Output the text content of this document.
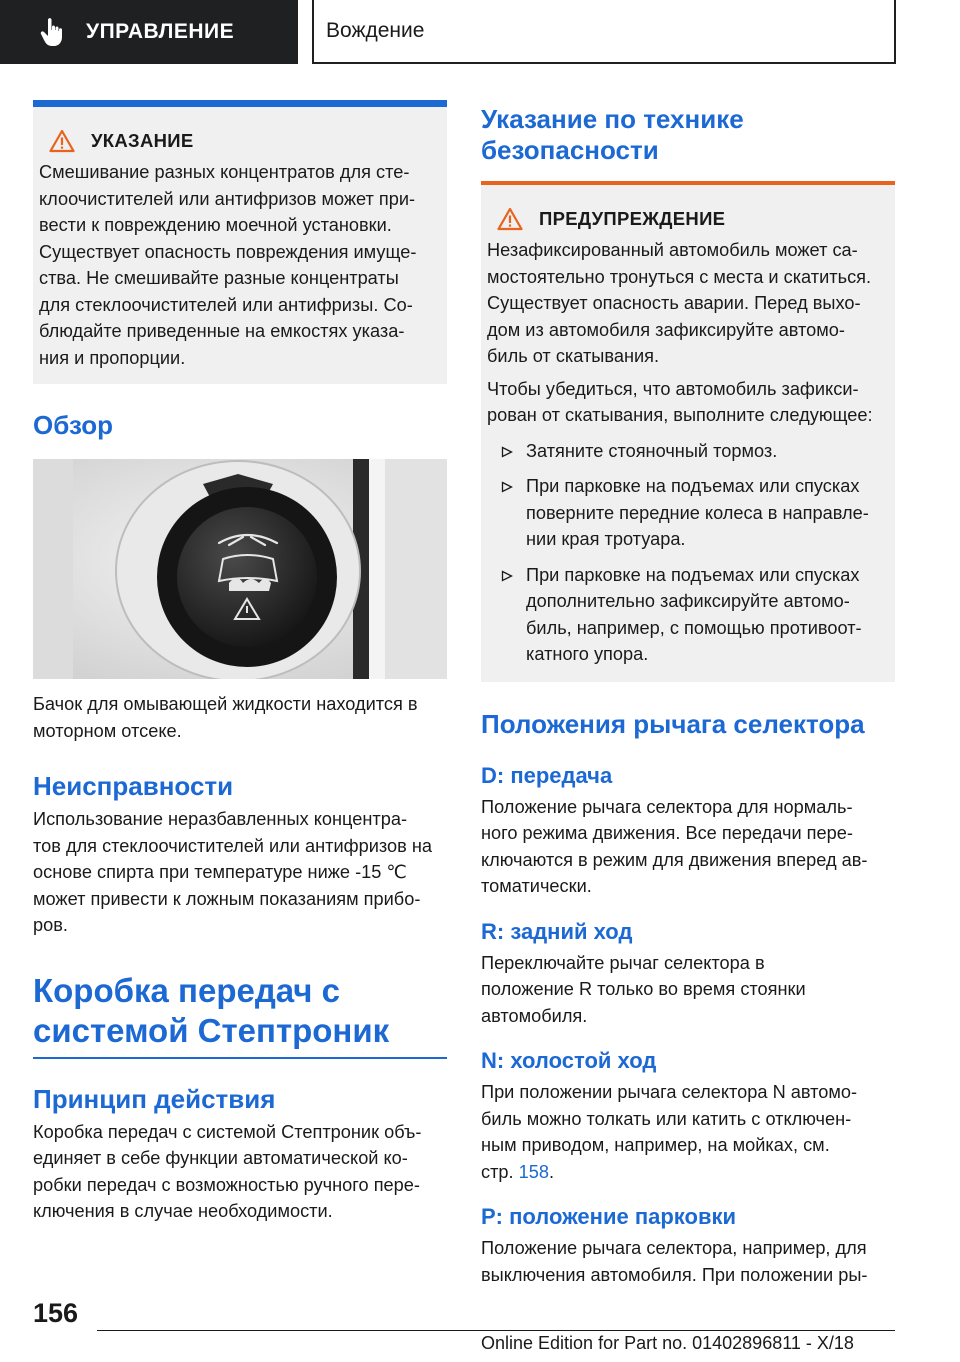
УПРАВЛЕНИЕ	Вождение
УКАЗАНИЕ

Смешивание разных концентратов для сте-
клоочистителей или антифризов может при-
вести к повреждению моечной установки.
Существует опасность повреждения имуще-
ства. Не смешивайте разные концентраты
для стеклоочистителей или антифризы. Со-
блюдайте приведенные на емкостях указа-
ния и пропорции.

Обзор

Бачок для омывающей жидкости находится в
моторном отсеке.

Неисправности

Использование неразбавленных концентра-
тов для стеклоочистителей или антифризов на
основе спирта при температуре ниже -15 ℃
может привести к ложным показаниям прибо-
ров.

Коробка передач с
системой Стептроник
Принцип действия

Коробка передач с системой Стептроник объ-
единяет в себе функции автоматической ко-
робки передач с возможностью ручного пере-
ключения в случае необходимости.

Указание по технике
безопасности
ПРЕДУПРЕЖДЕНИЕ

Незафиксированный автомобиль может са-
мостоятельно тронуться с места и скатиться.
Существует опасность аварии. Перед выхо-
дом из автомобиля зафиксируйте автомо-
биль от скатывания.

Чтобы убедиться, что автомобиль зафикси-
рован от скатывания, выполните следующее:

Затяните стояночный тормоз.
При парковке на подъемах или спусках
поверните передние колеса в направле-
нии края тротуара.
При парковке на подъемах или спусках
дополнительно зафиксируйте автомо-
биль, например, с помощью противоот-
катного упора.
Положения рычага селектора
D: передача

Положение рычага селектора для нормаль-
ного режима движения. Все передачи пере-
ключаются в режим для движения вперед ав-
томатически.

R: задний ход

Переключайте рычаг селектора в
положение R только во время стоянки
автомобиля.

N: холостой ход

При положении рычага селектора N автомо-
биль можно толкать или катить с отключен-
ным приводом, например, на мойках, см.
стр. 158.

P: положение парковки

Положение рычага селектора, например, для
выключения автомобиля. При положении ры-

156
Online Edition for Part no. 01402896811 - X/18
